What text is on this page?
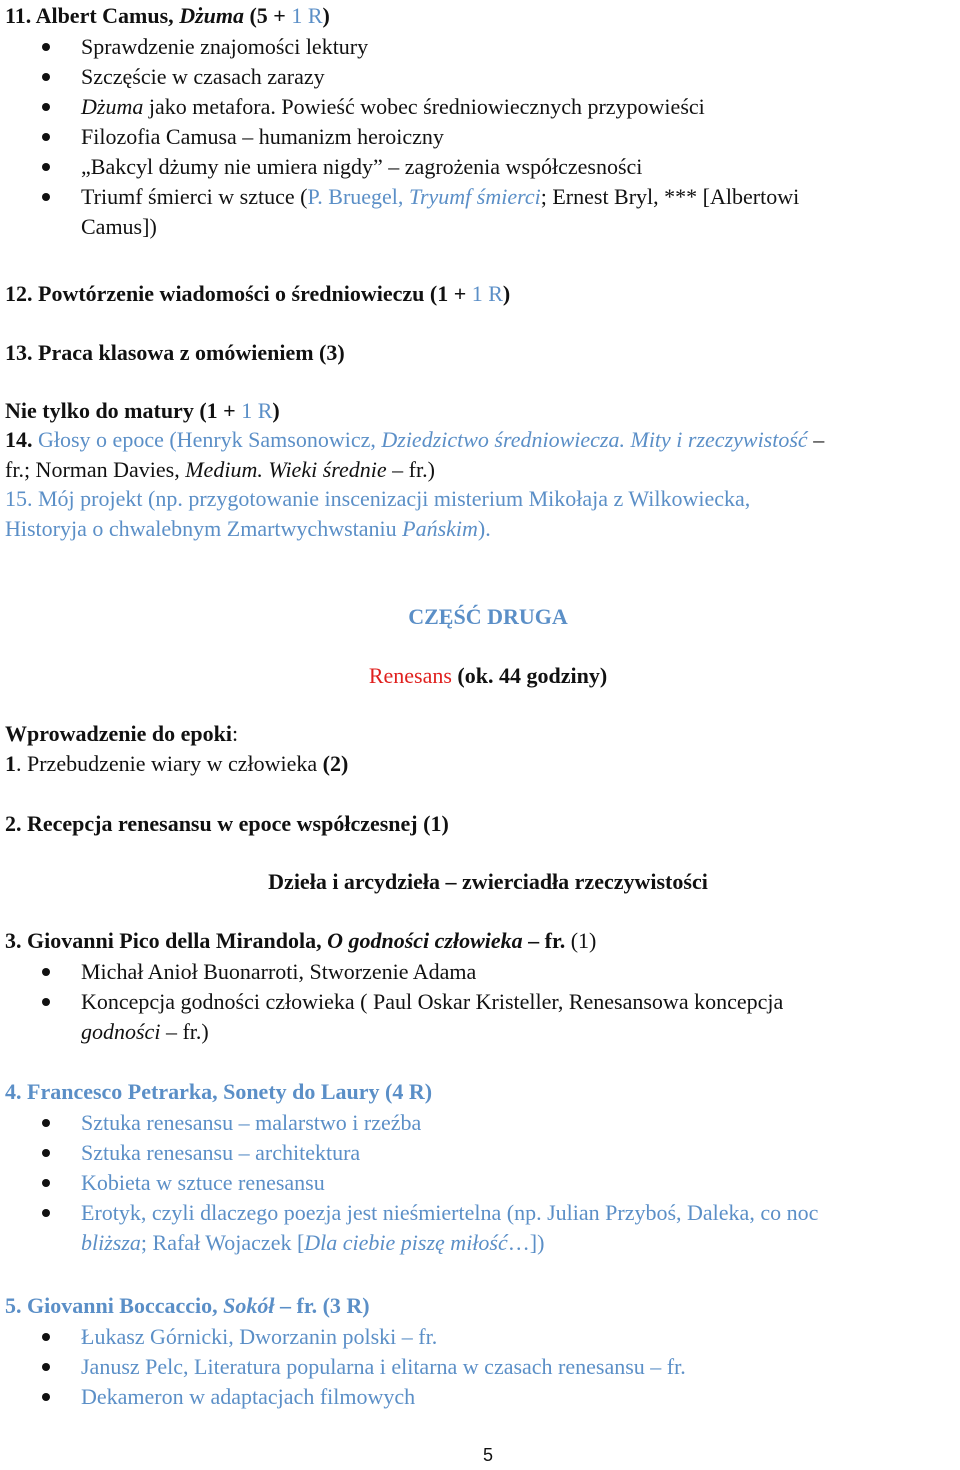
11. Albert Camus, Dżuma (5 + 1 R)
Sprawdzenie znajomości lektury
Szczęście w czasach zarazy
Dżuma jako metafora. Powieść wobec średniowiecznych przypowieści
Filozofia Camusa – humanizm heroiczny
„Bakcyl dżumy nie umiera nigdy” – zagrożenia współczesności
Triumf śmierci w sztuce (P. Bruegel, Tryumf śmierci; Ernest Bryl, *** [Albertowi
Camus])
12. Powtórzenie wiadomości o średniowieczu (1 + 1 R)
13. Praca klasowa z omówieniem (3)
Nie tylko do matury (1 + 1 R)
14. Głosy o epoce (Henryk Samsonowicz, Dziedzictwo średniowiecza. Mity i rzeczywistość –
fr.; Norman Davies, Medium. Wieki średnie – fr.)
15. Mój projekt (np. przygotowanie inscenizacji misterium Mikołaja z Wilkowiecka,
Historyja o chwalebnym Zmartwychwstaniu Pańskim).
CZĘŚĆ DRUGA
Renesans (ok. 44 godziny)
Wprowadzenie do epoki:
1. Przebudzenie wiary w człowieka (2)
2. Recepcja renesansu w epoce współczesnej (1)
Dzieła i arcydzieła – zwierciadła rzeczywistości
3. Giovanni Pico della Mirandola, O godności człowieka – fr. (1)
Michał Anioł Buonarroti, Stworzenie Adama
Koncepcja godności człowieka ( Paul Oskar Kristeller, Renesansowa koncepcja
godności – fr.)
4. Francesco Petrarka, Sonety do Laury (4 R)
Sztuka renesansu – malarstwo i rzeźba
Sztuka renesansu – architektura
Kobieta w sztuce renesansu
Erotyk, czyli dlaczego poezja jest nieśmiertelna (np. Julian Przyboś, Daleka, co noc
bliższa; Rafał Wojaczek [Dla ciebie piszę miłość…])
5. Giovanni Boccaccio, Sokół – fr. (3 R)
Łukasz Górnicki, Dworzanin polski – fr.
Janusz Pelc, Literatura popularna i elitarna w czasach renesansu – fr.
Dekameron w adaptacjach filmowych
5
